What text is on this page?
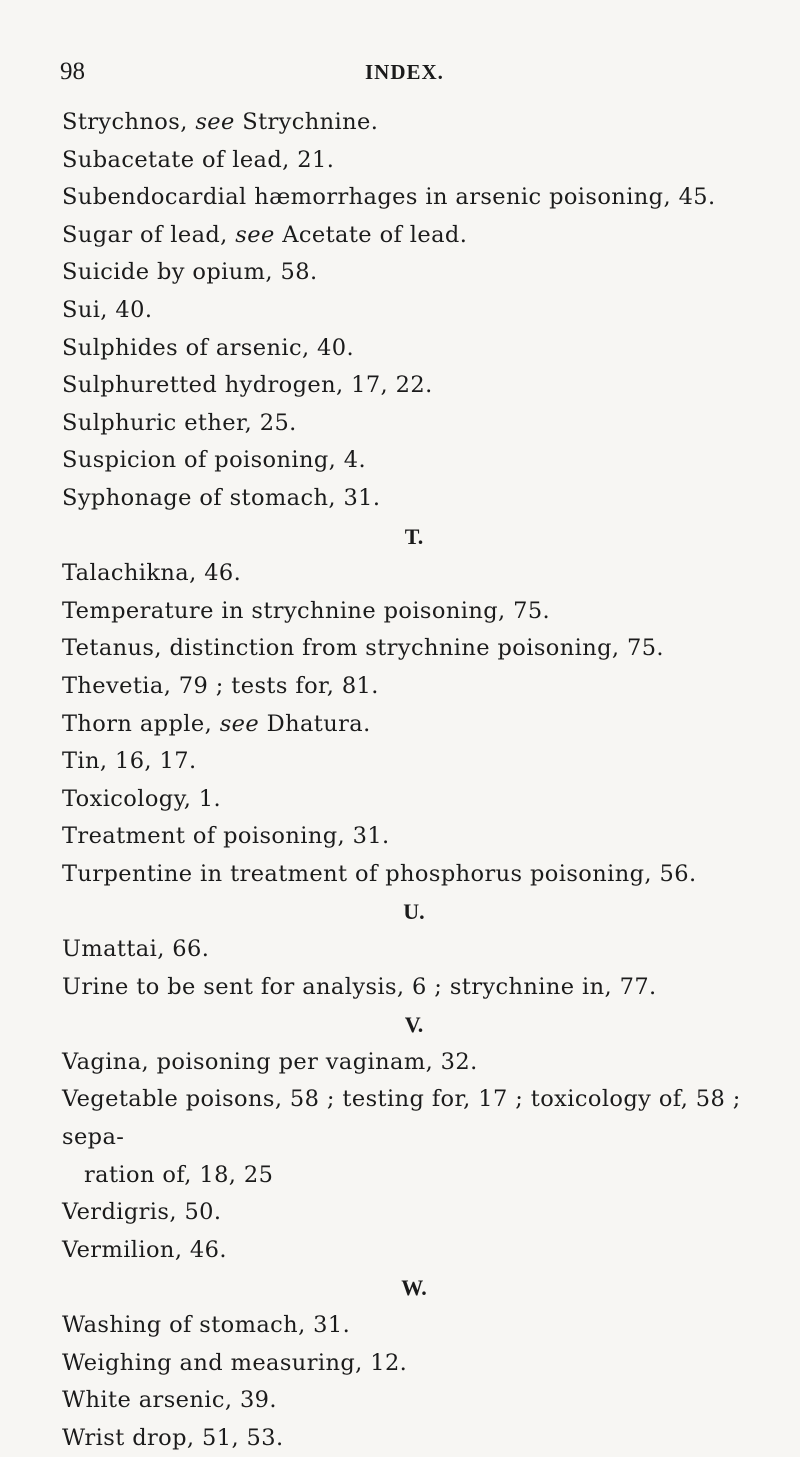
98	INDEX.
Strychnos, see Strychnine.
Subacetate of lead, 21.
Subendocardial hæmorrhages in arsenic poisoning, 45.
Sugar of lead, see Acetate of lead.
Suicide by opium, 58.
Sui, 40.
Sulphides of arsenic, 40.
Sulphuretted hydrogen, 17, 22.
Sulphuric ether, 25.
Suspicion of poisoning, 4.
Syphonage of stomach, 31.
T.
Talachikna, 46.
Temperature in strychnine poisoning, 75.
Tetanus, distinction from strychnine poisoning, 75.
Thevetia, 79 ; tests for, 81.
Thorn apple, see Dhatura.
Tin, 16, 17.
Toxicology, 1.
Treatment of poisoning, 31.
Turpentine in treatment of phosphorus poisoning, 56.
U.
Umattai, 66.
Urine to be sent for analysis, 6 ; strychnine in, 77.
V.
Vagina, poisoning per vaginam, 32.
Vegetable poisons, 58 ; testing for, 17 ; toxicology of, 58 ; sepa-
ration of, 18, 25
Verdigris, 50.
Vermilion, 46.
W.
Washing of stomach, 31.
Weighing and measuring, 12.
White arsenic, 39.
Wrist drop, 51, 53.
